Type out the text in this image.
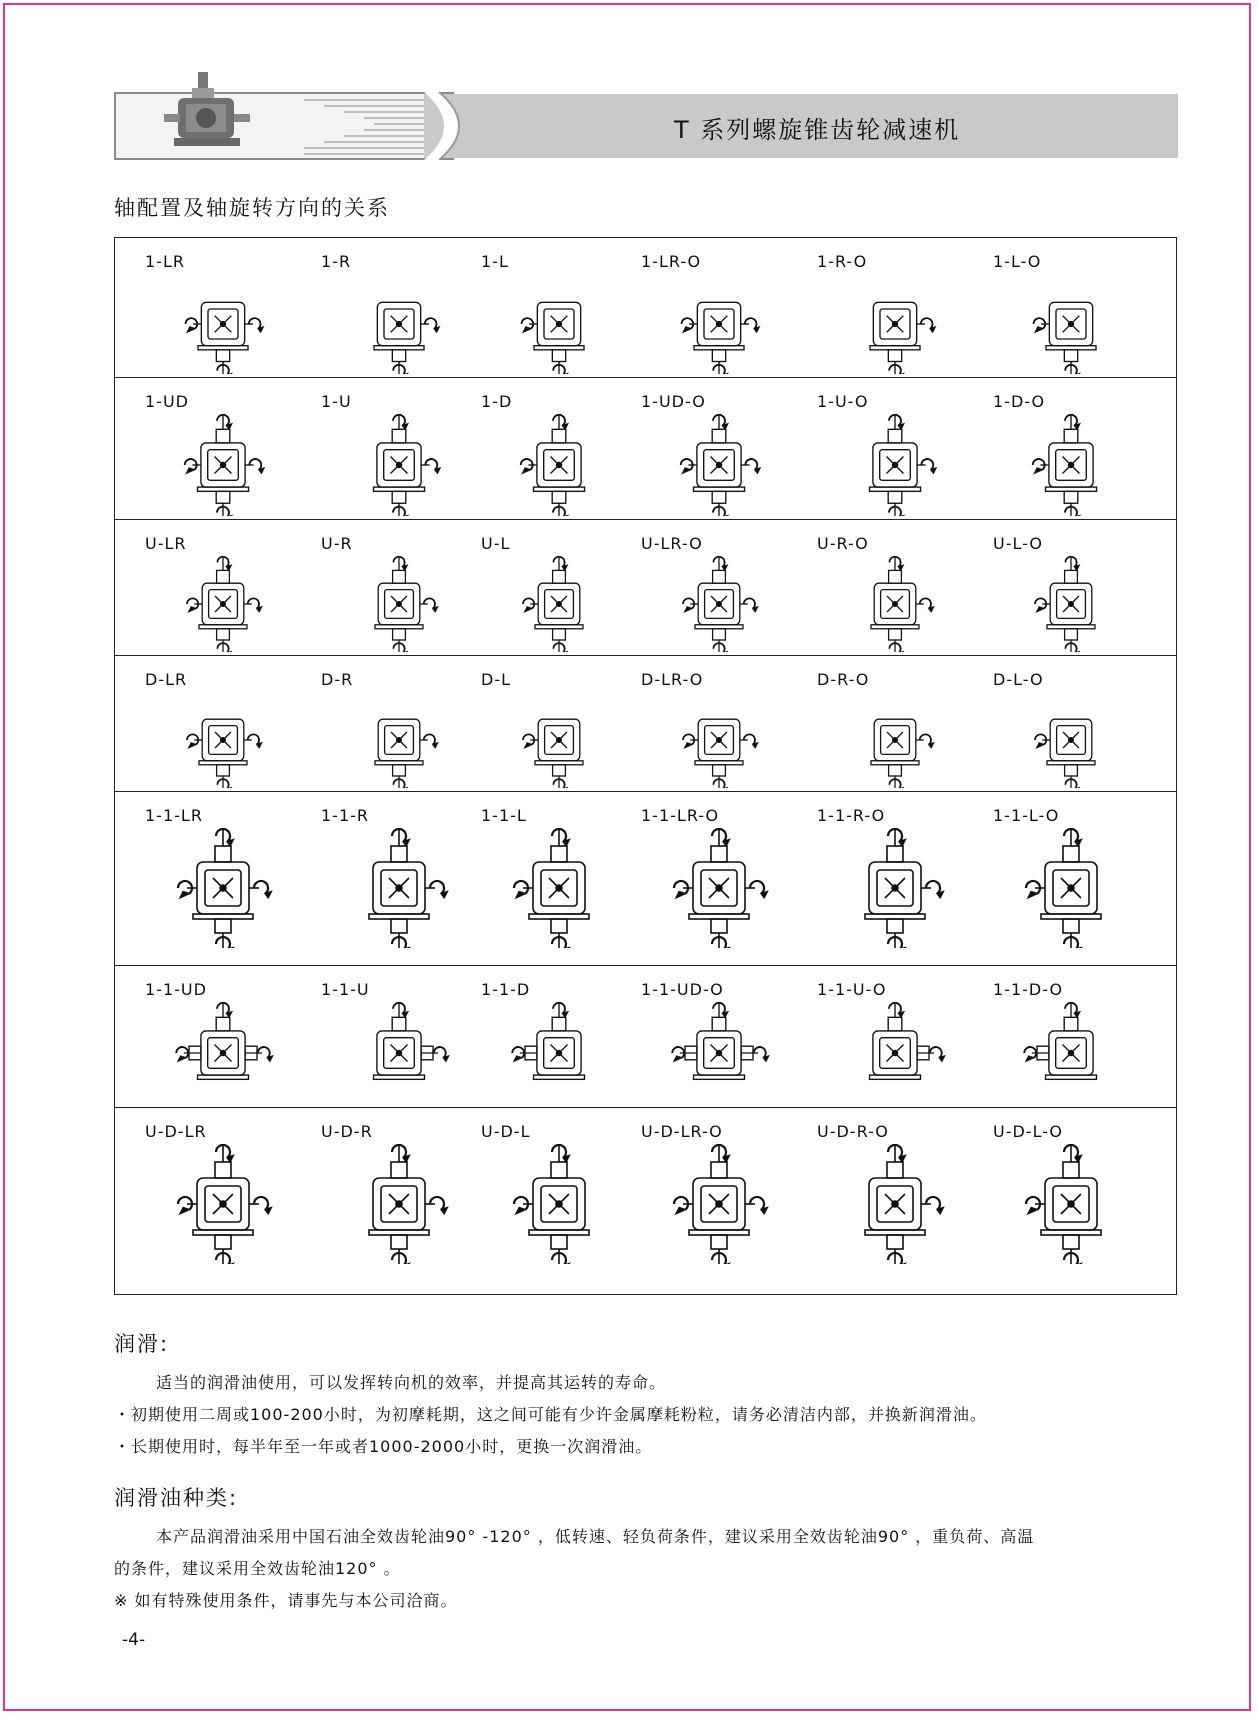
T 系列螺旋锥齿轮减速机
轴配置及轴旋转方向的关系
1-LR	1-R	1-L	1-LR-O	1-R-O	1-L-O
1-UD	1-U	1-D	1-UD-O	1-U-O	1-D-O
U-LR	U-R	U-L	U-LR-O	U-R-O	U-L-O
D-LR	D-R	D-L	D-LR-O	D-R-O	D-L-O
1-1-LR	1-1-R	1-1-L	1-1-LR-O	1-1-R-O	1-1-L-O
1-1-UD	1-1-U	1-1-D	1-1-UD-O	1-1-U-O	1-1-D-O
U-D-LR	U-D-R	U-D-L	U-D-LR-O	U-D-R-O	U-D-L-O
润滑:
适当的润滑油使用，可以发挥转向机的效率，并提高其运转的寿命。
・初期使用二周或100-200小时，为初摩耗期，这之间可能有少许金属摩耗粉粒，请务必清洁内部，并换新润滑油。
・长期使用时，每半年至一年或者1000-2000小时，更换一次润滑油。
润滑油种类:
本产品润滑油采用中国石油全效齿轮油90° -120° ，低转速、轻负荷条件，建议采用全效齿轮油90° ，重负荷、高温
的条件，建议采用全效齿轮油120° 。
※ 如有特殊使用条件，请事先与本公司洽商。
-4-
